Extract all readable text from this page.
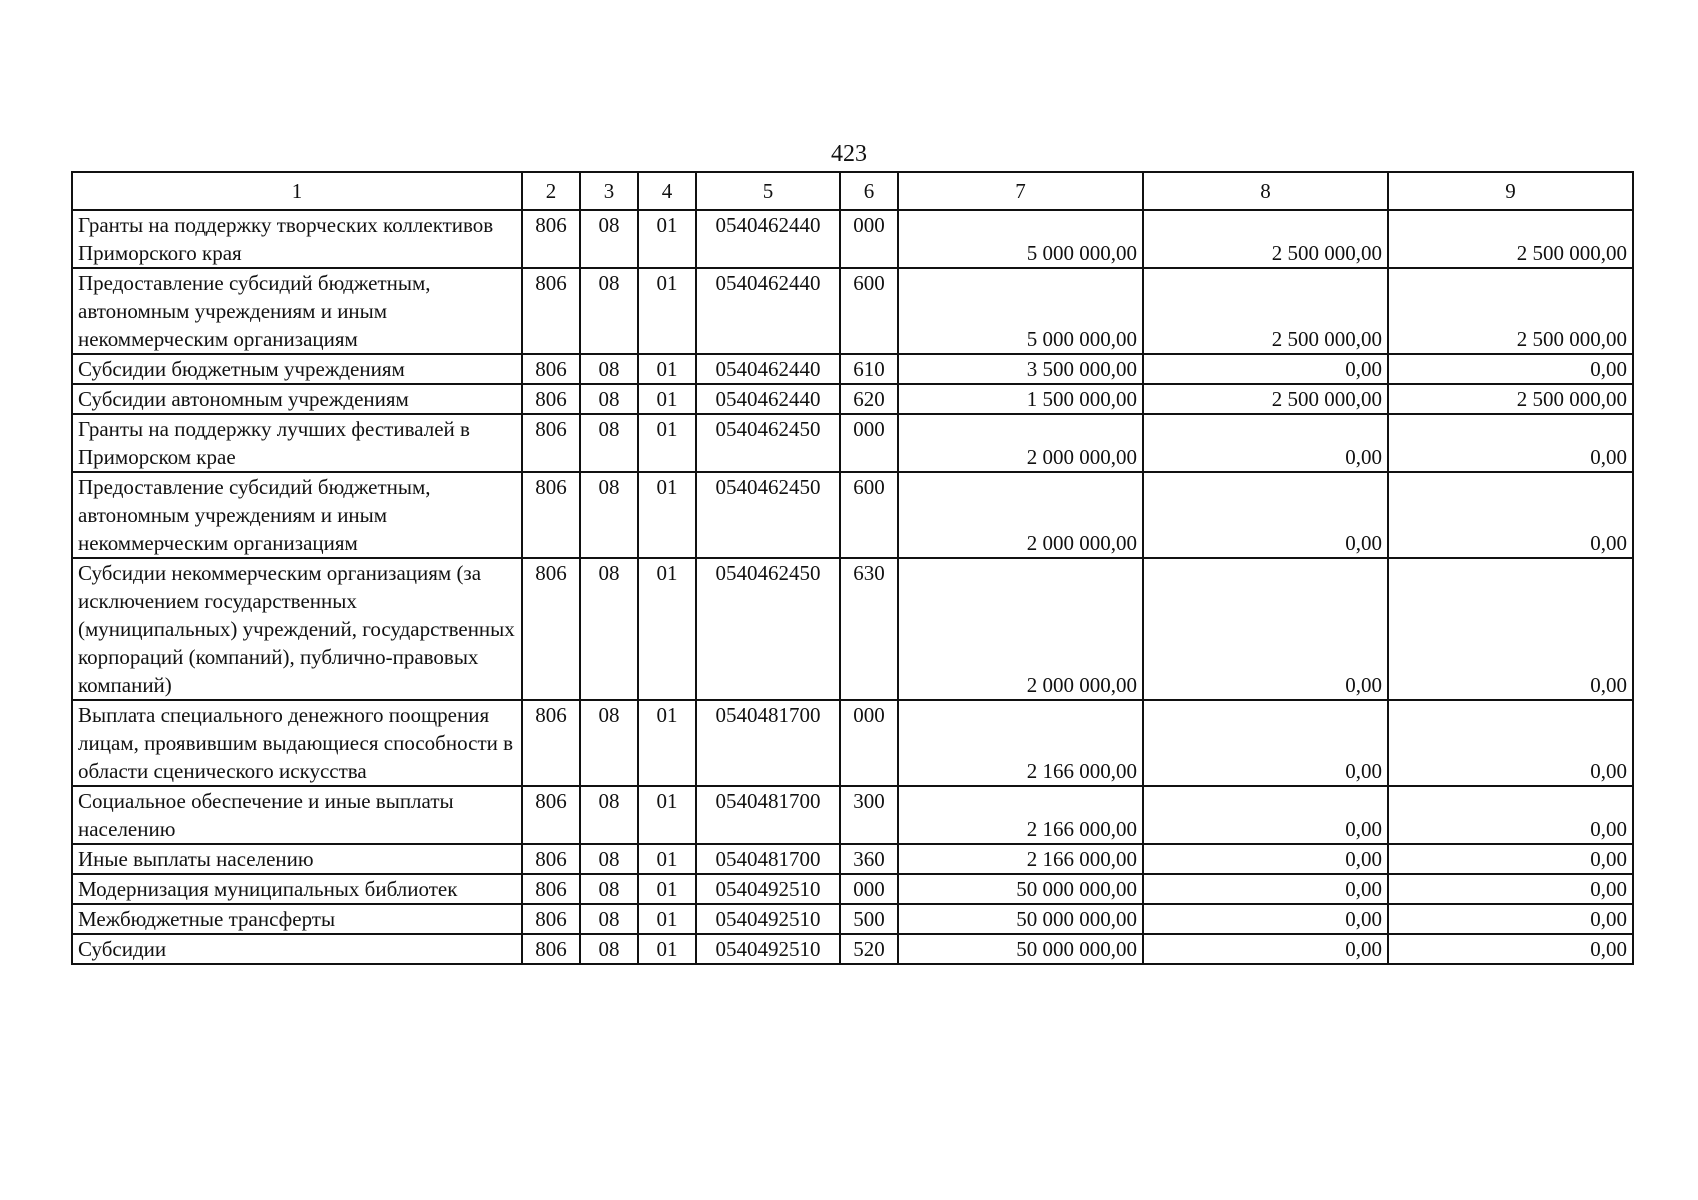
423
1	2	3	4	5	6	7	8	9
Гранты на поддержку творческих коллективов Приморского края	806	08	01	0540462440	000	5 000 000,00	2 500 000,00	2 500 000,00
Предоставление субсидий бюджетным, автономным учреждениям и иным некоммерческим организациям	806	08	01	0540462440	600	5 000 000,00	2 500 000,00	2 500 000,00
Субсидии бюджетным учреждениям	806	08	01	0540462440	610	3 500 000,00	0,00	0,00
Субсидии автономным учреждениям	806	08	01	0540462440	620	1 500 000,00	2 500 000,00	2 500 000,00
Гранты на поддержку лучших фестивалей в Приморском крае	806	08	01	0540462450	000	2 000 000,00	0,00	0,00
Предоставление субсидий бюджетным, автономным учреждениям и иным некоммерческим организациям	806	08	01	0540462450	600	2 000 000,00	0,00	0,00
Субсидии некоммерческим организациям (за исключением государственных (муниципальных) учреждений, государственных корпораций (компаний), публично-правовых компаний)	806	08	01	0540462450	630	2 000 000,00	0,00	0,00
Выплата специального денежного поощрения лицам, проявившим выдающиеся способности в области сценического искусства	806	08	01	0540481700	000	2 166 000,00	0,00	0,00
Социальное обеспечение и иные выплаты населению	806	08	01	0540481700	300	2 166 000,00	0,00	0,00
Иные выплаты населению	806	08	01	0540481700	360	2 166 000,00	0,00	0,00
Модернизация муниципальных библиотек	806	08	01	0540492510	000	50 000 000,00	0,00	0,00
Межбюджетные трансферты	806	08	01	0540492510	500	50 000 000,00	0,00	0,00
Субсидии	806	08	01	0540492510	520	50 000 000,00	0,00	0,00
